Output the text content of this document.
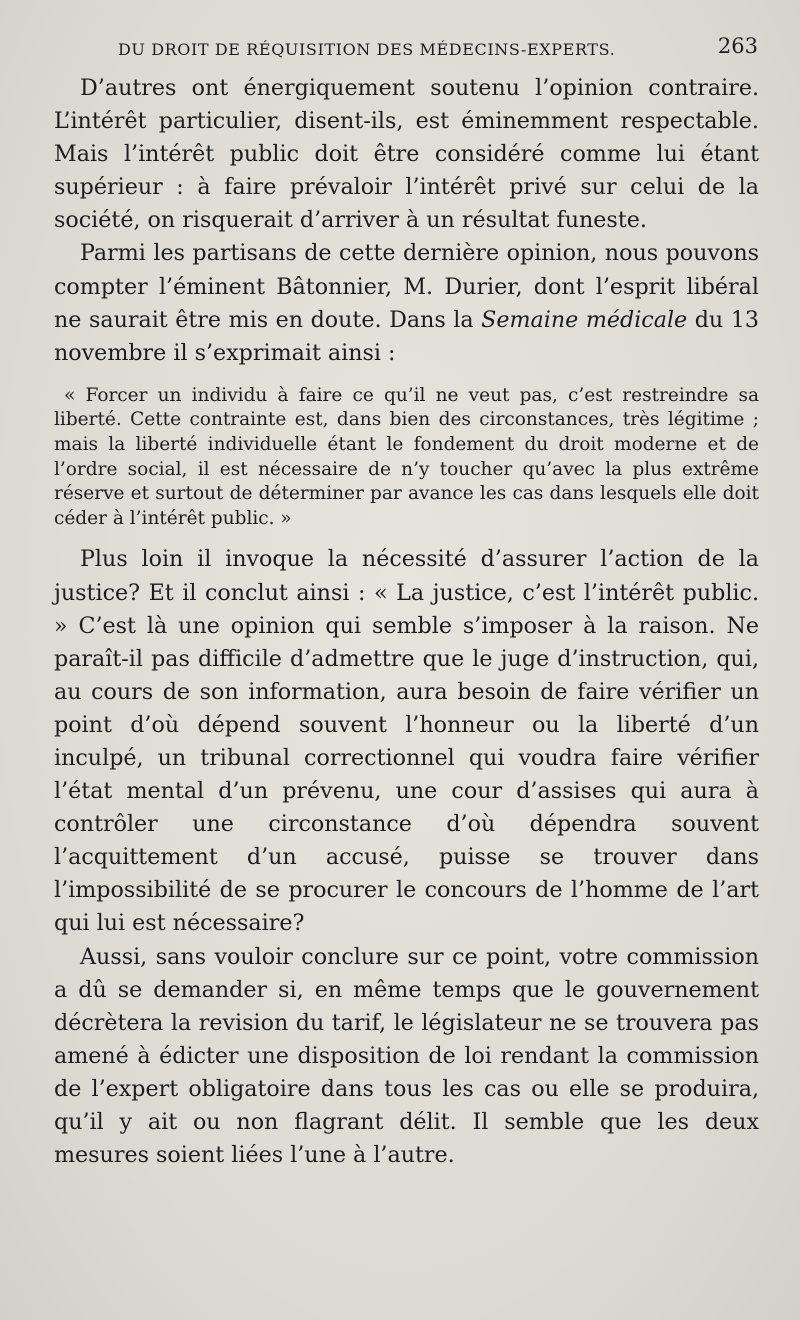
DU DROIT DE RÉQUISITION DES MÉDECINS-EXPERTS.	263

D’autres ont énergiquement soutenu l’opinion contraire. L’intérêt particulier, disent-ils, est éminemment respectable. Mais l’intérêt public doit être considéré comme lui étant supérieur : à faire prévaloir l’intérêt privé sur celui de la société, on risquerait d’arriver à un résultat funeste.

Parmi les partisans de cette dernière opinion, nous pouvons compter l’éminent Bâtonnier, M. Durier, dont l’esprit libéral ne saurait être mis en doute. Dans la Semaine médicale du 13 novembre il s’exprimait ainsi :

« Forcer un individu à faire ce qu’il ne veut pas, c’est restreindre sa liberté. Cette contrainte est, dans bien des circonstances, très légitime ; mais la liberté individuelle étant le fondement du droit moderne et de l’ordre social, il est nécessaire de n’y toucher qu’avec la plus extrême réserve et surtout de déterminer par avance les cas dans lesquels elle doit céder à l’intérêt public. »

Plus loin il invoque la nécessité d’assurer l’action de la justice? Et il conclut ainsi : « La justice, c’est l’intérêt public. » C’est là une opinion qui semble s’imposer à la raison. Ne paraît-il pas difficile d’admettre que le juge d’instruction, qui, au cours de son information, aura besoin de faire vérifier un point d’où dépend souvent l’honneur ou la liberté d’un inculpé, un tribunal correctionnel qui voudra faire vérifier l’état mental d’un prévenu, une cour d’assises qui aura à contrôler une circonstance d’où dépendra souvent l’acquittement d’un accusé, puisse se trouver dans l’impossibilité de se procurer le concours de l’homme de l’art qui lui est nécessaire?

Aussi, sans vouloir conclure sur ce point, votre commission a dû se demander si, en même temps que le gouvernement décrètera la revision du tarif, le législateur ne se trouvera pas amené à édicter une disposition de loi rendant la commission de l’expert obligatoire dans tous les cas ou elle se produira, qu’il y ait ou non flagrant délit. Il semble que les deux mesures soient liées l’une à l’autre.
